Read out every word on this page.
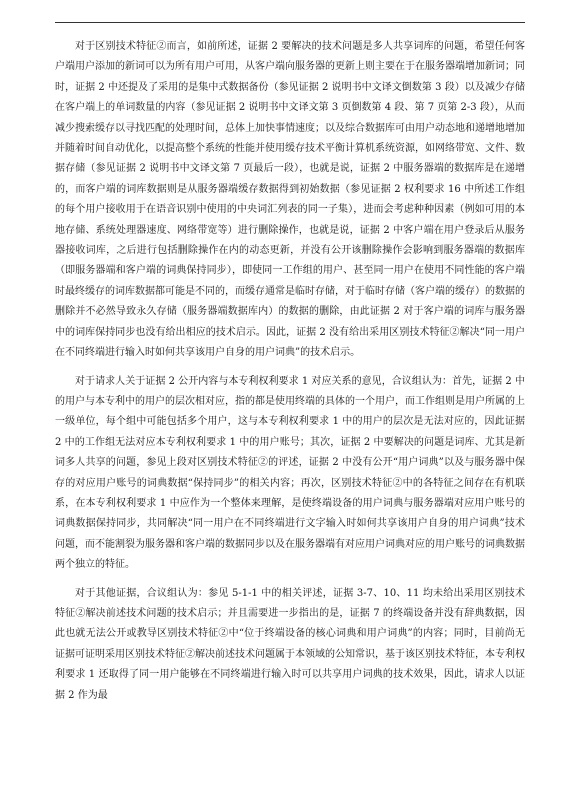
对于区别技术特征②而言，如前所述，证据 2 要解决的技术问题是多人共享词库的问题，希望任何客户端用户添加的新词可以为所有用户可用，从客户端向服务器的更新上则主要在于在服务器端增加新词；同时，证据 2 中还提及了采用的是集中式数据备份（参见证据 2 说明书中文译文倒数第 3 段）以及减少存储在客户端上的单词数量的内容（参见证据 2 说明书中文译文第 3 页倒数第 4 段、第 7 页第 2-3 段），从而减少搜索缓存以寻找匹配的处理时间，总体上加快事情速度；以及综合数据库可由用户动态地和递增地增加并随着时间自动优化，以提高整个系统的性能并使用缓存技术平衡计算机系统资源，如网络带宽、文件、数据存储（参见证据 2 说明书中文译文第 7 页最后一段），也就是说，证据 2 中服务器端的数据库是在递增的，而客户端的词库数据则是从服务器端缓存数据得到初始数据（参见证据 2 权利要求 16 中所述工作组的每个用户接收用于在语音识别中使用的中央词汇列表的同一子集），进而会考虑种种因素（例如可用的本地存储、系统处理器速度、网络带宽等）进行删除操作，也就是说，证据 2 中客户端在用户登录后从服务器接收词库，之后进行包括删除操作在内的动态更新，并没有公开该删除操作会影响到服务器端的数据库（即服务器端和客户端的词典保持同步），即使同一工作组的用户、甚至同一用户在使用不同性能的客户端时最终缓存的词库数据都可能是不同的，而缓存通常是临时存储，对于临时存储（客户端的缓存）的数据的删除并不必然导致永久存储（服务器端数据库内）的数据的删除，由此证据 2 对于客户端的词库与服务器中的词库保持同步也没有给出相应的技术启示。因此，证据 2 没有给出采用区别技术特征②解决“同一用户在不同终端进行输入时如何共享该用户自身的用户词典”的技术启示。

对于请求人关于证据 2 公开内容与本专利权利要求 1 对应关系的意见，合议组认为：首先，证据 2 中的用户与本专利中的用户的层次相对应，指的都是使用终端的具体的一个用户，而工作组则是用户所属的上一级单位，每个组中可能包括多个用户，这与本专利权利要求 1 中的用户的层次是无法对应的，因此证据 2 中的工作组无法对应本专利权利要求 1 中的用户账号；其次，证据 2 中要解决的问题是词库、尤其是新词多人共享的问题，参见上段对区别技术特征②的评述，证据 2 中没有公开“用户词典”以及与服务器中保存的对应用户账号的词典数据“保持同步”的相关内容；再次，区别技术特征②中的各特征之间存在有机联系，在本专利权利要求 1 中应作为一个整体来理解，是使终端设备的用户词典与服务器端对应用户账号的词典数据保持同步，共同解决“同一用户在不同终端进行文字输入时如何共享该用户自身的用户词典”技术问题，而不能割裂为服务器和客户端的数据同步以及在服务器端有对应用户词典对应的用户账号的词典数据两个独立的特征。

对于其他证据，合议组认为：参见 5-1-1 中的相关评述，证据 3-7、10、11 均未给出采用区别技术特征②解决前述技术问题的技术启示；并且需要进一步指出的是，证据 7 的终端设备并没有辞典数据，因此也就无法公开或教导区别技术特征②中“位于终端设备的核心词典和用户词典”的内容；同时，目前尚无证据可证明采用区别技术特征②解决前述技术问题属于本领域的公知常识，基于该区别技术特征，本专利权利要求 1 还取得了同一用户能够在不同终端进行输入时可以共享用户词典的技术效果，因此，请求人以证据 2 作为最
